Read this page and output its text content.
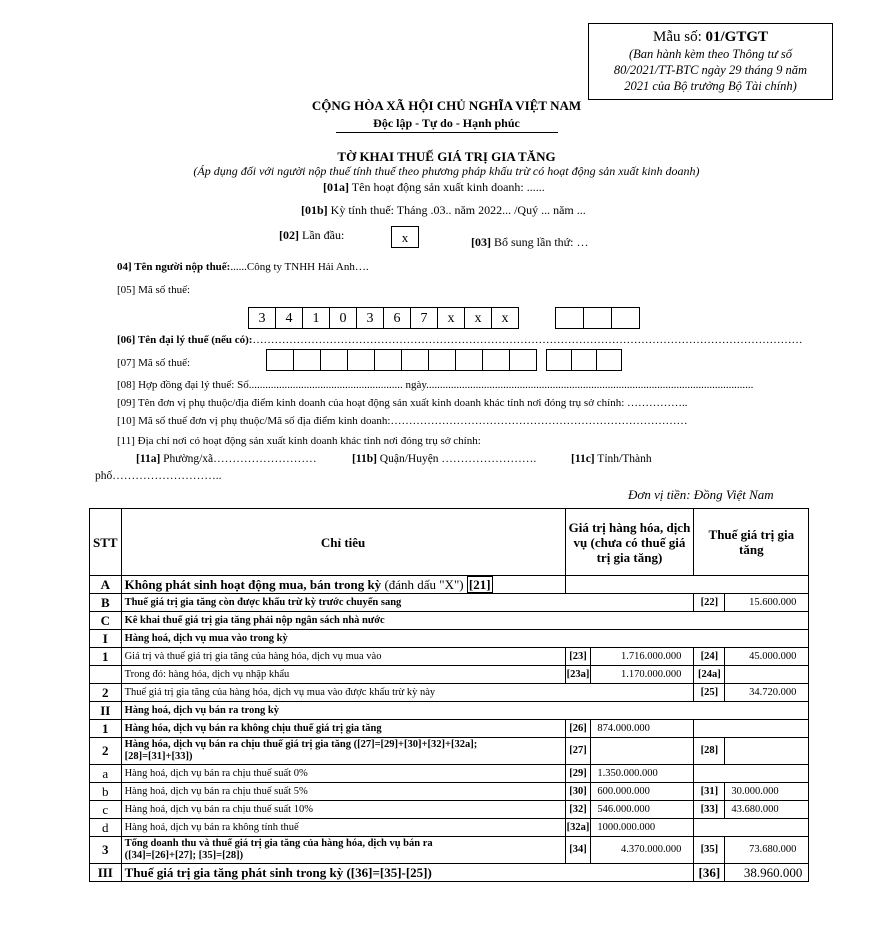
Mẫu số: 01/GTGT
(Ban hành kèm theo Thông tư số
80/2021/TT-BTC ngày 29 tháng 9 năm
2021 của Bộ trưởng Bộ Tài chính)
CỘNG HÒA XÃ HỘI CHỦ NGHĨA VIỆT NAM
Độc lập - Tự do - Hạnh phúc
TỜ KHAI THUẾ GIÁ TRỊ GIA TĂNG
(Áp dụng đối với người nộp thuế tính thuế theo phương pháp khấu trừ có hoạt động sản xuất kinh doanh)
[01a] Tên hoạt động sản xuất kinh doanh: ......
[01b] Kỳ tính thuế: Tháng .03.. năm 2022... /Quý ... năm ...
[02] Lần đầu:	x	[03] Bổ sung lần thứ: …
04] Tên người nộp thuế:......Công ty TNHH Hải Anh….
[05] Mã số thuế:
3	4	1	0	3	6	7	x	x	x
[06] Tên đại lý thuế (nếu có):……………………………………………………………………………………………………………………………………
[07] Mã số thuế:
[08] Hợp đồng đại lý thuế: Số........................................................ ngày.......................................................................................................................
[09] Tên đơn vị phụ thuộc/địa điểm kinh doanh của hoạt động sản xuất kinh doanh khác tỉnh nơi đóng trụ sở chính: ……………..
[10] Mã số thuế đơn vị phụ thuộc/Mã số địa điểm kinh doanh:………………………………………………………………………
[11] Địa chỉ nơi có hoạt động sản xuất kinh doanh khác tỉnh nơi đóng trụ sở chính:
[11a] Phường/xã………………………	[11b] Quận/Huyện …………………….	[11c] Tỉnh/Thành
phố………………………..
Đơn vị tiền: Đồng Việt Nam
STT	Chỉ tiêu	Giá trị hàng hóa, dịch vụ (chưa có thuế giá trị gia tăng)		Thuế giá trị gia tăng	
A	Không phát sinh hoạt động mua, bán trong kỳ (đánh dấu "X") [21]				
B	Thuế giá trị gia tăng còn được khấu trừ kỳ trước chuyển sang			[22]	15.600.000
C	Kê khai thuế giá trị gia tăng phải nộp ngân sách nhà nước				
I	Hàng hoá, dịch vụ mua vào trong kỳ				
1	Giá trị và thuế giá trị gia tăng của hàng hóa, dịch vụ mua vào	[23]	1.716.000.000	[24]	45.000.000
	Trong đó: hàng hóa, dịch vụ nhập khẩu	[23a]	1.170.000.000	[24a]	
2	Thuế giá trị gia tăng của hàng hóa, dịch vụ mua vào được khấu trừ kỳ này			[25]	34.720.000
II	Hàng hoá, dịch vụ bán ra trong kỳ				
1	Hàng hóa, dịch vụ bán ra không chịu thuế giá trị gia tăng	[26]	874.000.000		
2	Hàng hóa, dịch vụ bán ra chịu thuế giá trị gia tăng ([27]=[29]+[30]+[32]+[32a];
[28]=[31]+[33])	[27]		[28]	
a	Hàng hoá, dịch vụ bán ra chịu thuế suất 0%	[29]	1.350.000.000		
b	Hàng hoá, dịch vụ bán ra chịu thuế suất 5%	[30]	600.000.000	[31]	30.000.000
c	Hàng hoá, dịch vụ bán ra chịu thuế suất 10%	[32]	546.000.000	[33]	43.680.000
d	Hàng hoá, dịch vụ bán ra không tính thuế	[32a]	1000.000.000		
3	Tổng doanh thu và thuế giá trị gia tăng của hàng hóa, dịch vụ bán ra
([34]=[26]+[27]; [35]=[28])	[34]	4.370.000.000	[35]	73.680.000
III	Thuế giá trị gia tăng phát sinh trong kỳ ([36]=[35]-[25])			[36]	38.960.000
